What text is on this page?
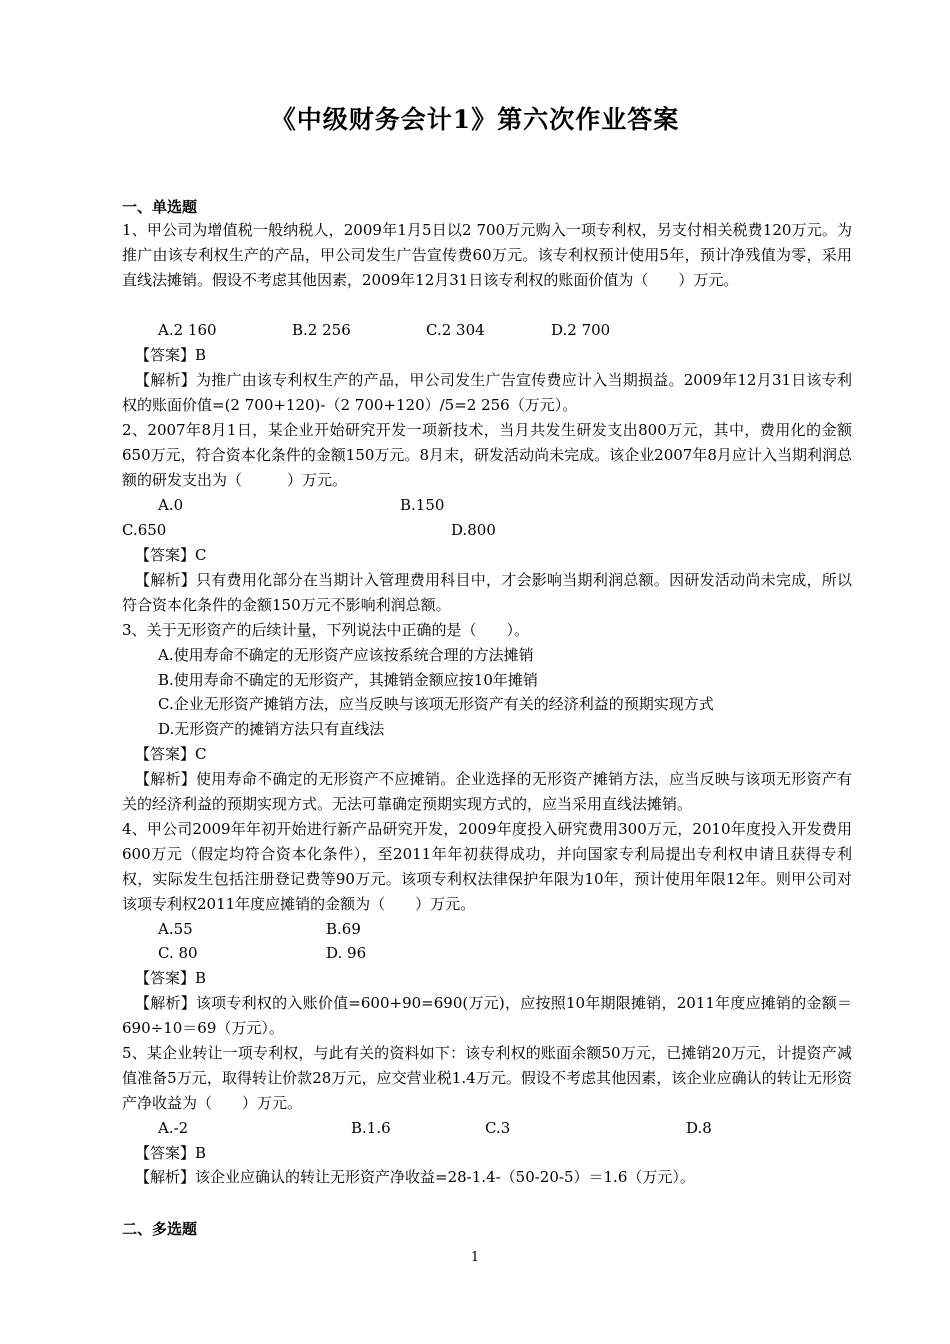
《中级财务会计1》第六次作业答案
一、单选题
1、甲公司为增值税一般纳税人，2009年1月5日以2 700万元购入一项专利权，另支付相关税费120万元。为推广由该专利权生产的产品，甲公司发生广告宣传费60万元。该专利权预计使用5年，预计净残值为零，采用直线法摊销。假设不考虑其他因素，2009年12月31日该专利权的账面价值为（　　）万元。
A.2 160	B.2 256	C.2 304	D.2 700
【答案】B
【解析】为推广由该专利权生产的产品，甲公司发生广告宣传费应计入当期损益。2009年12月31日该专利权的账面价值=(2 700+120)-（2 700+120）/5=2 256（万元）。
2、2007年8月1日，某企业开始研究开发一项新技术，当月共发生研发支出800万元，其中，费用化的金额650万元，符合资本化条件的金额150万元。8月末，研发活动尚未完成。该企业2007年8月应计入当期利润总额的研发支出为（　　　）万元。
A.0	B.150
C.650	D.800
【答案】C
【解析】只有费用化部分在当期计入管理费用科目中，才会影响当期利润总额。因研发活动尚未完成，所以符合资本化条件的金额150万元不影响利润总额。
3、关于无形资产的后续计量，下列说法中正确的是（　　）。
A.使用寿命不确定的无形资产应该按系统合理的方法摊销
B.使用寿命不确定的无形资产，其摊销金额应按10年摊销
C.企业无形资产摊销方法，应当反映与该项无形资产有关的经济利益的预期实现方式
D.无形资产的摊销方法只有直线法
【答案】C
【解析】使用寿命不确定的无形资产不应摊销。企业选择的无形资产摊销方法，应当反映与该项无形资产有关的经济利益的预期实现方式。无法可靠确定预期实现方式的，应当采用直线法摊销。
4、甲公司2009年年初开始进行新产品研究开发，2009年度投入研究费用300万元，2010年度投入开发费用600万元（假定均符合资本化条件），至2011年年初获得成功，并向国家专利局提出专利权申请且获得专利权，实际发生包括注册登记费等90万元。该项专利权法律保护年限为10年，预计使用年限12年。则甲公司对该项专利权2011年度应摊销的金额为（　　）万元。
A.55	B.69
C. 80	D. 96
【答案】B
【解析】该项专利权的入账价值=600+90=690(万元)，应按照10年期限摊销，2011年度应摊销的金额＝690÷10＝69（万元）。
5、某企业转让一项专利权，与此有关的资料如下：该专利权的账面余额50万元，已摊销20万元，计提资产减值准备5万元，取得转让价款28万元，应交营业税1.4万元。假设不考虑其他因素，该企业应确认的转让无形资产净收益为（　　）万元。
A.-2	B.1.6	C.3	D.8
【答案】B
【解析】该企业应确认的转让无形资产净收益=28-1.4-（50-20-5）＝1.6（万元）。
二、多选题
1
